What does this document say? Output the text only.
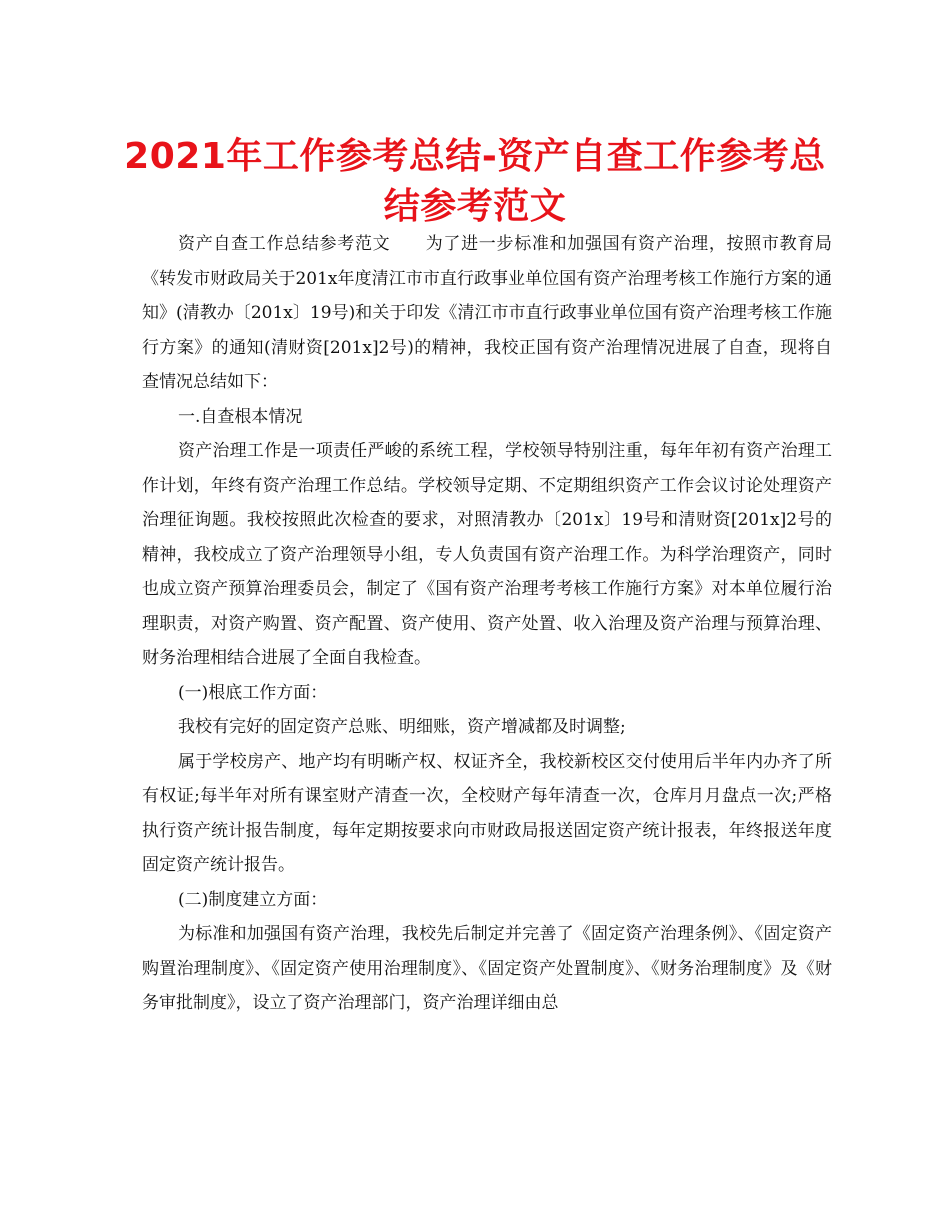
2021年工作参考总结-资产自查工作参考总结参考范文

资产自查工作总结参考范文　　为了进一步标准和加强国有资产治理，按照市教育局《转发市财政局关于201x年度清江市市直行政事业单位国有资产治理考核工作施行方案的通知》(清教办〔201x〕19号)和关于印发《清江市市直行政事业单位国有资产治理考核工作施行方案》的通知(清财资[201x]2号)的精神，我校正国有资产治理情况进展了自查，现将自查情况总结如下：

一.自查根本情况

资产治理工作是一项责任严峻的系统工程，学校领导特别注重，每年年初有资产治理工作计划，年终有资产治理工作总结。学校领导定期、不定期组织资产工作会议讨论处理资产治理征询题。我校按照此次检查的要求，对照清教办〔201x〕19号和清财资[201x]2号的精神，我校成立了资产治理领导小组，专人负责国有资产治理工作。为科学治理资产，同时也成立资产预算治理委员会，制定了《国有资产治理考考核工作施行方案》对本单位履行治理职责，对资产购置、资产配置、资产使用、资产处置、收入治理及资产治理与预算治理、财务治理相结合进展了全面自我检查。

(一)根底工作方面：

我校有完好的固定资产总账、明细账，资产增减都及时调整;

属于学校房产、地产均有明晰产权、权证齐全，我校新校区交付使用后半年内办齐了所有权证;每半年对所有课室财产清查一次，全校财产每年清查一次，仓库月月盘点一次;严格执行资产统计报告制度，每年定期按要求向市财政局报送固定资产统计报表，年终报送年度固定资产统计报告。

(二)制度建立方面：

为标准和加强国有资产治理，我校先后制定并完善了《固定资产治理条例》、《固定资产购置治理制度》、《固定资产使用治理制度》、《固定资产处置制度》、《财务治理制度》及《财务审批制度》，设立了资产治理部门，资产治理详细由总
